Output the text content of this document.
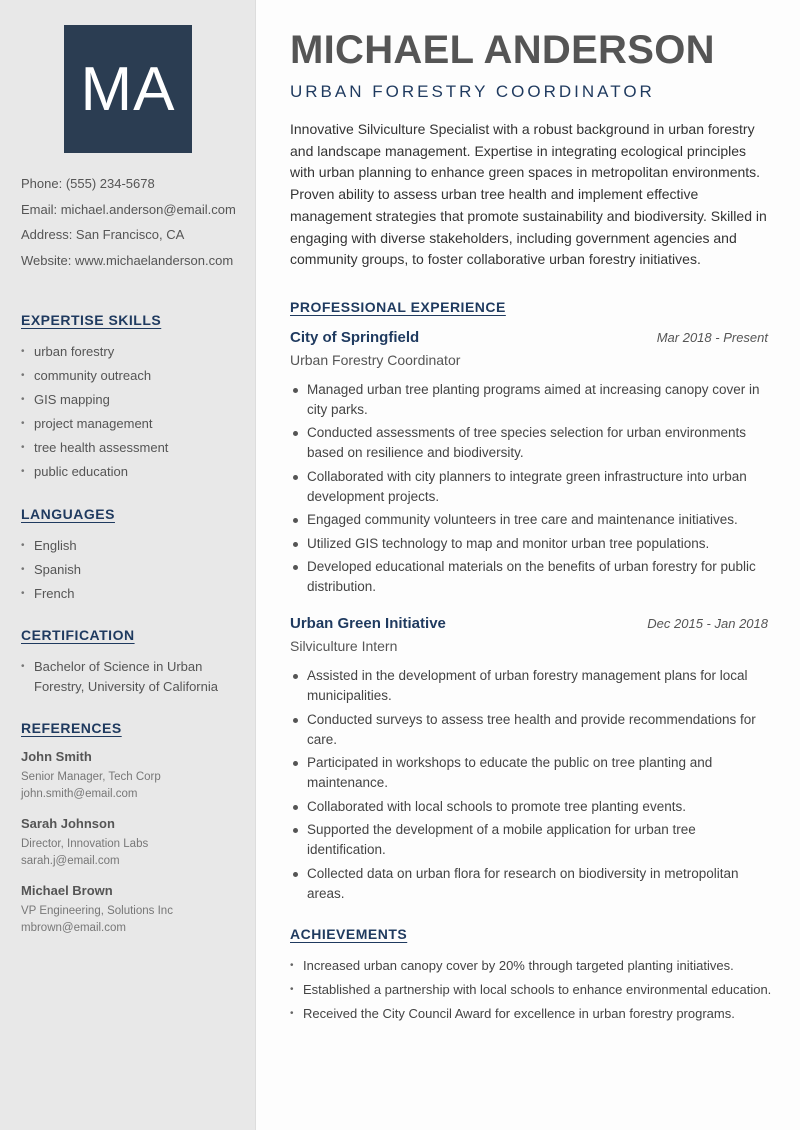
MA
Phone: (555) 234-5678
Email: michael.anderson@email.com
Address: San Francisco, CA
Website: www.michaelanderson.com
EXPERTISE SKILLS
• urban forestry
• community outreach
• GIS mapping
• project management
• tree health assessment
• public education
LANGUAGES
• English
• Spanish
• French
CERTIFICATION
• Bachelor of Science in Urban Forestry, University of California
REFERENCES
John Smith
Senior Manager, Tech Corp
john.smith@email.com
Sarah Johnson
Director, Innovation Labs
sarah.j@email.com
Michael Brown
VP Engineering, Solutions Inc
mbrown@email.com
MICHAEL ANDERSON
URBAN FORESTRY COORDINATOR
Innovative Silviculture Specialist with a robust background in urban forestry and landscape management. Expertise in integrating ecological principles with urban planning to enhance green spaces in metropolitan environments. Proven ability to assess urban tree health and implement effective management strategies that promote sustainability and biodiversity. Skilled in engaging with diverse stakeholders, including government agencies and community groups, to foster collaborative urban forestry initiatives.
PROFESSIONAL EXPERIENCE
City of Springfield	Mar 2018 - Present
Urban Forestry Coordinator
Managed urban tree planting programs aimed at increasing canopy cover in city parks.
Conducted assessments of tree species selection for urban environments based on resilience and biodiversity.
Collaborated with city planners to integrate green infrastructure into urban development projects.
Engaged community volunteers in tree care and maintenance initiatives.
Utilized GIS technology to map and monitor urban tree populations.
Developed educational materials on the benefits of urban forestry for public distribution.
Urban Green Initiative	Dec 2015 - Jan 2018
Silviculture Intern
Assisted in the development of urban forestry management plans for local municipalities.
Conducted surveys to assess tree health and provide recommendations for care.
Participated in workshops to educate the public on tree planting and maintenance.
Collaborated with local schools to promote tree planting events.
Supported the development of a mobile application for urban tree identification.
Collected data on urban flora for research on biodiversity in metropolitan areas.
ACHIEVEMENTS
• Increased urban canopy cover by 20% through targeted planting initiatives.
• Established a partnership with local schools to enhance environmental education.
• Received the City Council Award for excellence in urban forestry programs.
